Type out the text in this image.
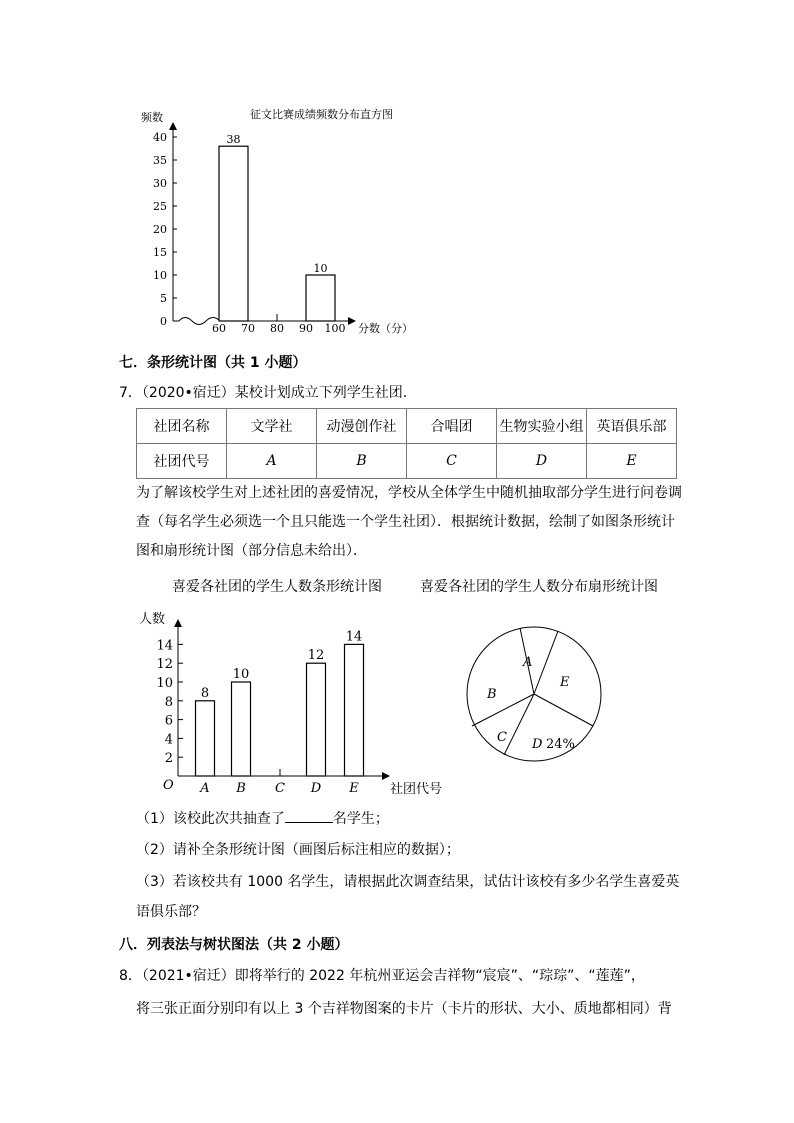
征文比赛成绩频数分布直方图
频数
0
5
10
15
20
25
30
35
40
60 70 80 90 100
38
10
分数（分）
七．条形统计图（共 1 小题）
7．（2020•宿迁）某校计划成立下列学生社团.
社团名称	文学社	动漫创作社	合唱团	生物实验小组	英语俱乐部
社团代号	A	B	C	D	E
为了解该校学生对上述社团的喜爱情况，学校从全体学生中随机抽取部分学生进行问卷调查（每名学生必须选一个且只能选一个学生社团）．根据统计数据，绘制了如图条形统计图和扇形统计图（部分信息未给出）．
喜爱各社团的学生人数条形统计图	喜爱各社团的学生人数分布扇形统计图
人数
O
2
4
6
8
10
12
14
8
10
12
14
A B C D E 社团代号
A
E
D 24%
C
B
（1）该校此次共抽查了	名学生；
（2）请补全条形统计图（画图后标注相应的数据）；
（3）若该校共有 1000 名学生，请根据此次调查结果，试估计该校有多少名学生喜爱英
语俱乐部？
八．列表法与树状图法（共 2 小题）
8．（2021•宿迁）即将举行的 2022 年杭州亚运会吉祥物“宸宸”、“琮琮”、“莲莲”，
将三张正面分别印有以上 3 个吉祥物图案的卡片（卡片的形状、大小、质地都相同）背
